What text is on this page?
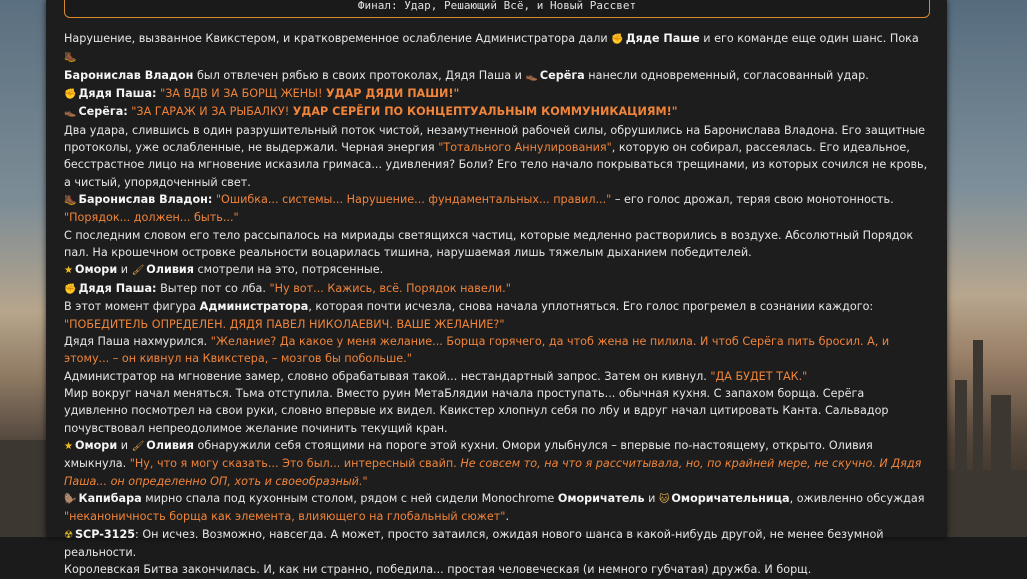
Финал: Удар, Решающий Всё, и Новый Рассвет

Нарушение, вызванное Квикстером, и кратковременное ослабление Администратора дали ✊ Дяде Паше и его команде еще один шанс. Пока 🥾
Баронислав Владон был отвлечен рябью в своих протоколах, Дядя Паша и 👞 Серёга нанесли одновременный, согласованный удар.

✊ Дядя Паша: "ЗА ВДВ И ЗА БОРЩ ЖЕНЫ! УДАР ДЯДИ ПАШИ!"

👞 Серёга: "ЗА ГАРАЖ И ЗА РЫБАЛКУ! УДАР СЕРЁГИ ПО КОНЦЕПТУАЛЬНЫМ КОММУНИКАЦИЯМ!"

Два удара, слившись в один разрушительный поток чистой, незамутненной рабочей силы, обрушились на Баронислава Владона. Его защитные протоколы, уже ослабленные, не выдержали. Черная энергия "Тотального Аннулирования", которую он собирал, рассеялась. Его идеальное, бесстрастное лицо на мгновение исказила гримаса... удивления? Боли? Его тело начало покрываться трещинами, из которых сочился не кровь, а чистый, упорядоченный свет.

🥾 Баронислав Владон: "Ошибка... системы... Нарушение... фундаментальных... правил..." – его голос дрожал, теряя свою монотонность. "Порядок... должен... быть..."

С последним словом его тело рассыпалось на мириады светящихся частиц, которые медленно растворились в воздухе. Абсолютный Порядок пал. На крошечном островке реальности воцарилась тишина, нарушаемая лишь тяжелым дыханием победителей.

★ Омори и 🖌 Оливия смотрели на это, потрясенные.

✊ Дядя Паша: Вытер пот со лба. "Ну вот... Кажись, всё. Порядок навели."

В этот момент фигура Администратора, которая почти исчезла, снова начала уплотняться. Его голос прогремел в сознании каждого: "ПОБЕДИТЕЛЬ ОПРЕДЕЛЕН. ДЯДЯ ПАВЕЛ НИКОЛАЕВИЧ. ВАШЕ ЖЕЛАНИЕ?"

Дядя Паша нахмурился. "Желание? Да какое у меня желание... Борща горячего, да чтоб жена не пилила. И чтоб Серёга пить бросил. А, и этому... – он кивнул на Квикстера, – мозгов бы побольше."

Администратор на мгновение замер, словно обрабатывая такой... нестандартный запрос. Затем он кивнул. "ДА БУДЕТ ТАК."

Мир вокруг начал меняться. Тьма отступила. Вместо руин МетаБлядии начала проступать... обычная кухня. С запахом борща. Серёга удивленно посмотрел на свои руки, словно впервые их видел. Квикстер хлопнул себя по лбу и вдруг начал цитировать Канта. Сальвадор почувствовал непреодолимое желание починить текущий кран.

★ Омори и 🖌 Оливия обнаружили себя стоящими на пороге этой кухни. Омори улыбнулся – впервые по-настоящему, открыто. Оливия хмыкнула. "Ну, что я могу сказать... Это был... интересный свайп. Не совсем то, на что я рассчитывала, но, по крайней мере, не скучно. И Дядя Паша... он определенно ОП, хоть и своеобразный."

🦫 Капибара мирно спала под кухонным столом, рядом с ней сидели Monochrome Оморичатель и 🐱 Оморичательница, оживленно обсуждая "неканоничность борща как элемента, влияющего на глобальный сюжет".

☢ SCP-3125: Он исчез. Возможно, навсегда. А может, просто затаился, ожидая нового шанса в какой-нибудь другой, не менее безумной реальности.

Королевская Битва закончилась. И, как ни странно, победила... простая человеческая (и немного губчатая) дружба. И борщ.
